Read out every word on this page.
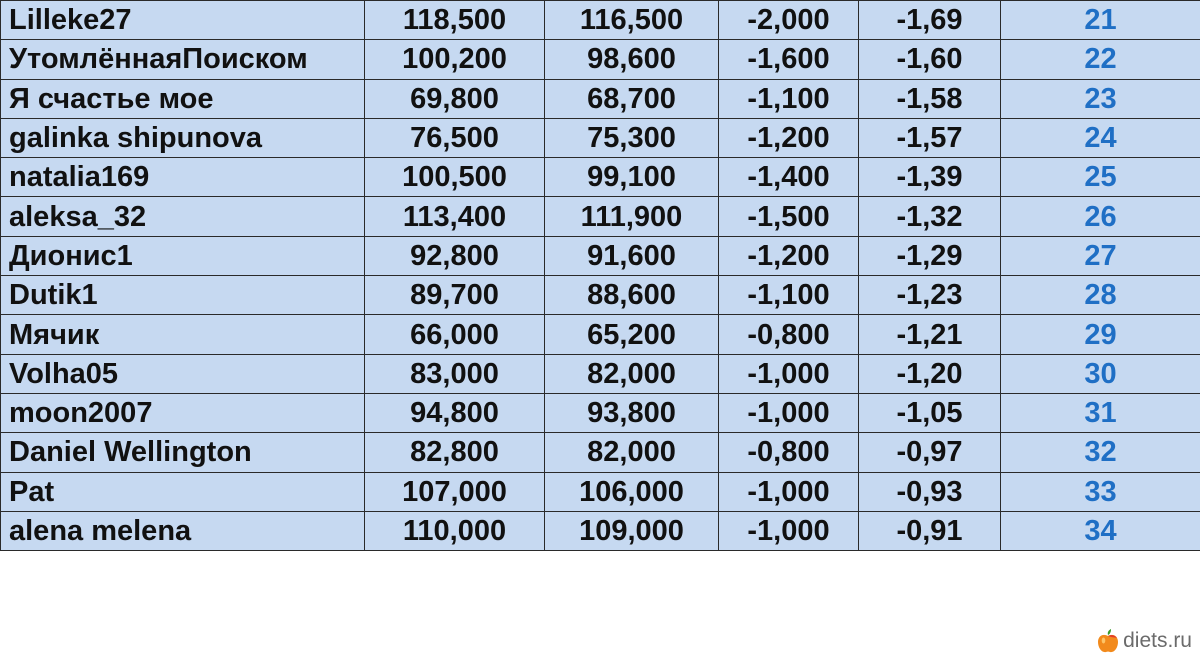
Lilleke27	118,500	116,500	-2,000	-1,69	21
УтомлённаяПоиском	100,200	98,600	-1,600	-1,60	22
Я счастье мое	69,800	68,700	-1,100	-1,58	23
galinka shipunova	76,500	75,300	-1,200	-1,57	24
natalia169	100,500	99,100	-1,400	-1,39	25
aleksa_32	113,400	111,900	-1,500	-1,32	26
Дионис1	92,800	91,600	-1,200	-1,29	27
Dutik1	89,700	88,600	-1,100	-1,23	28
Мячик	66,000	65,200	-0,800	-1,21	29
Volha05	83,000	82,000	-1,000	-1,20	30
moon2007	94,800	93,800	-1,000	-1,05	31
Daniel Wellington	82,800	82,000	-0,800	-0,97	32
Pat	107,000	106,000	-1,000	-0,93	33
alena melena	110,000	109,000	-1,000	-0,91	34
diets.ru
